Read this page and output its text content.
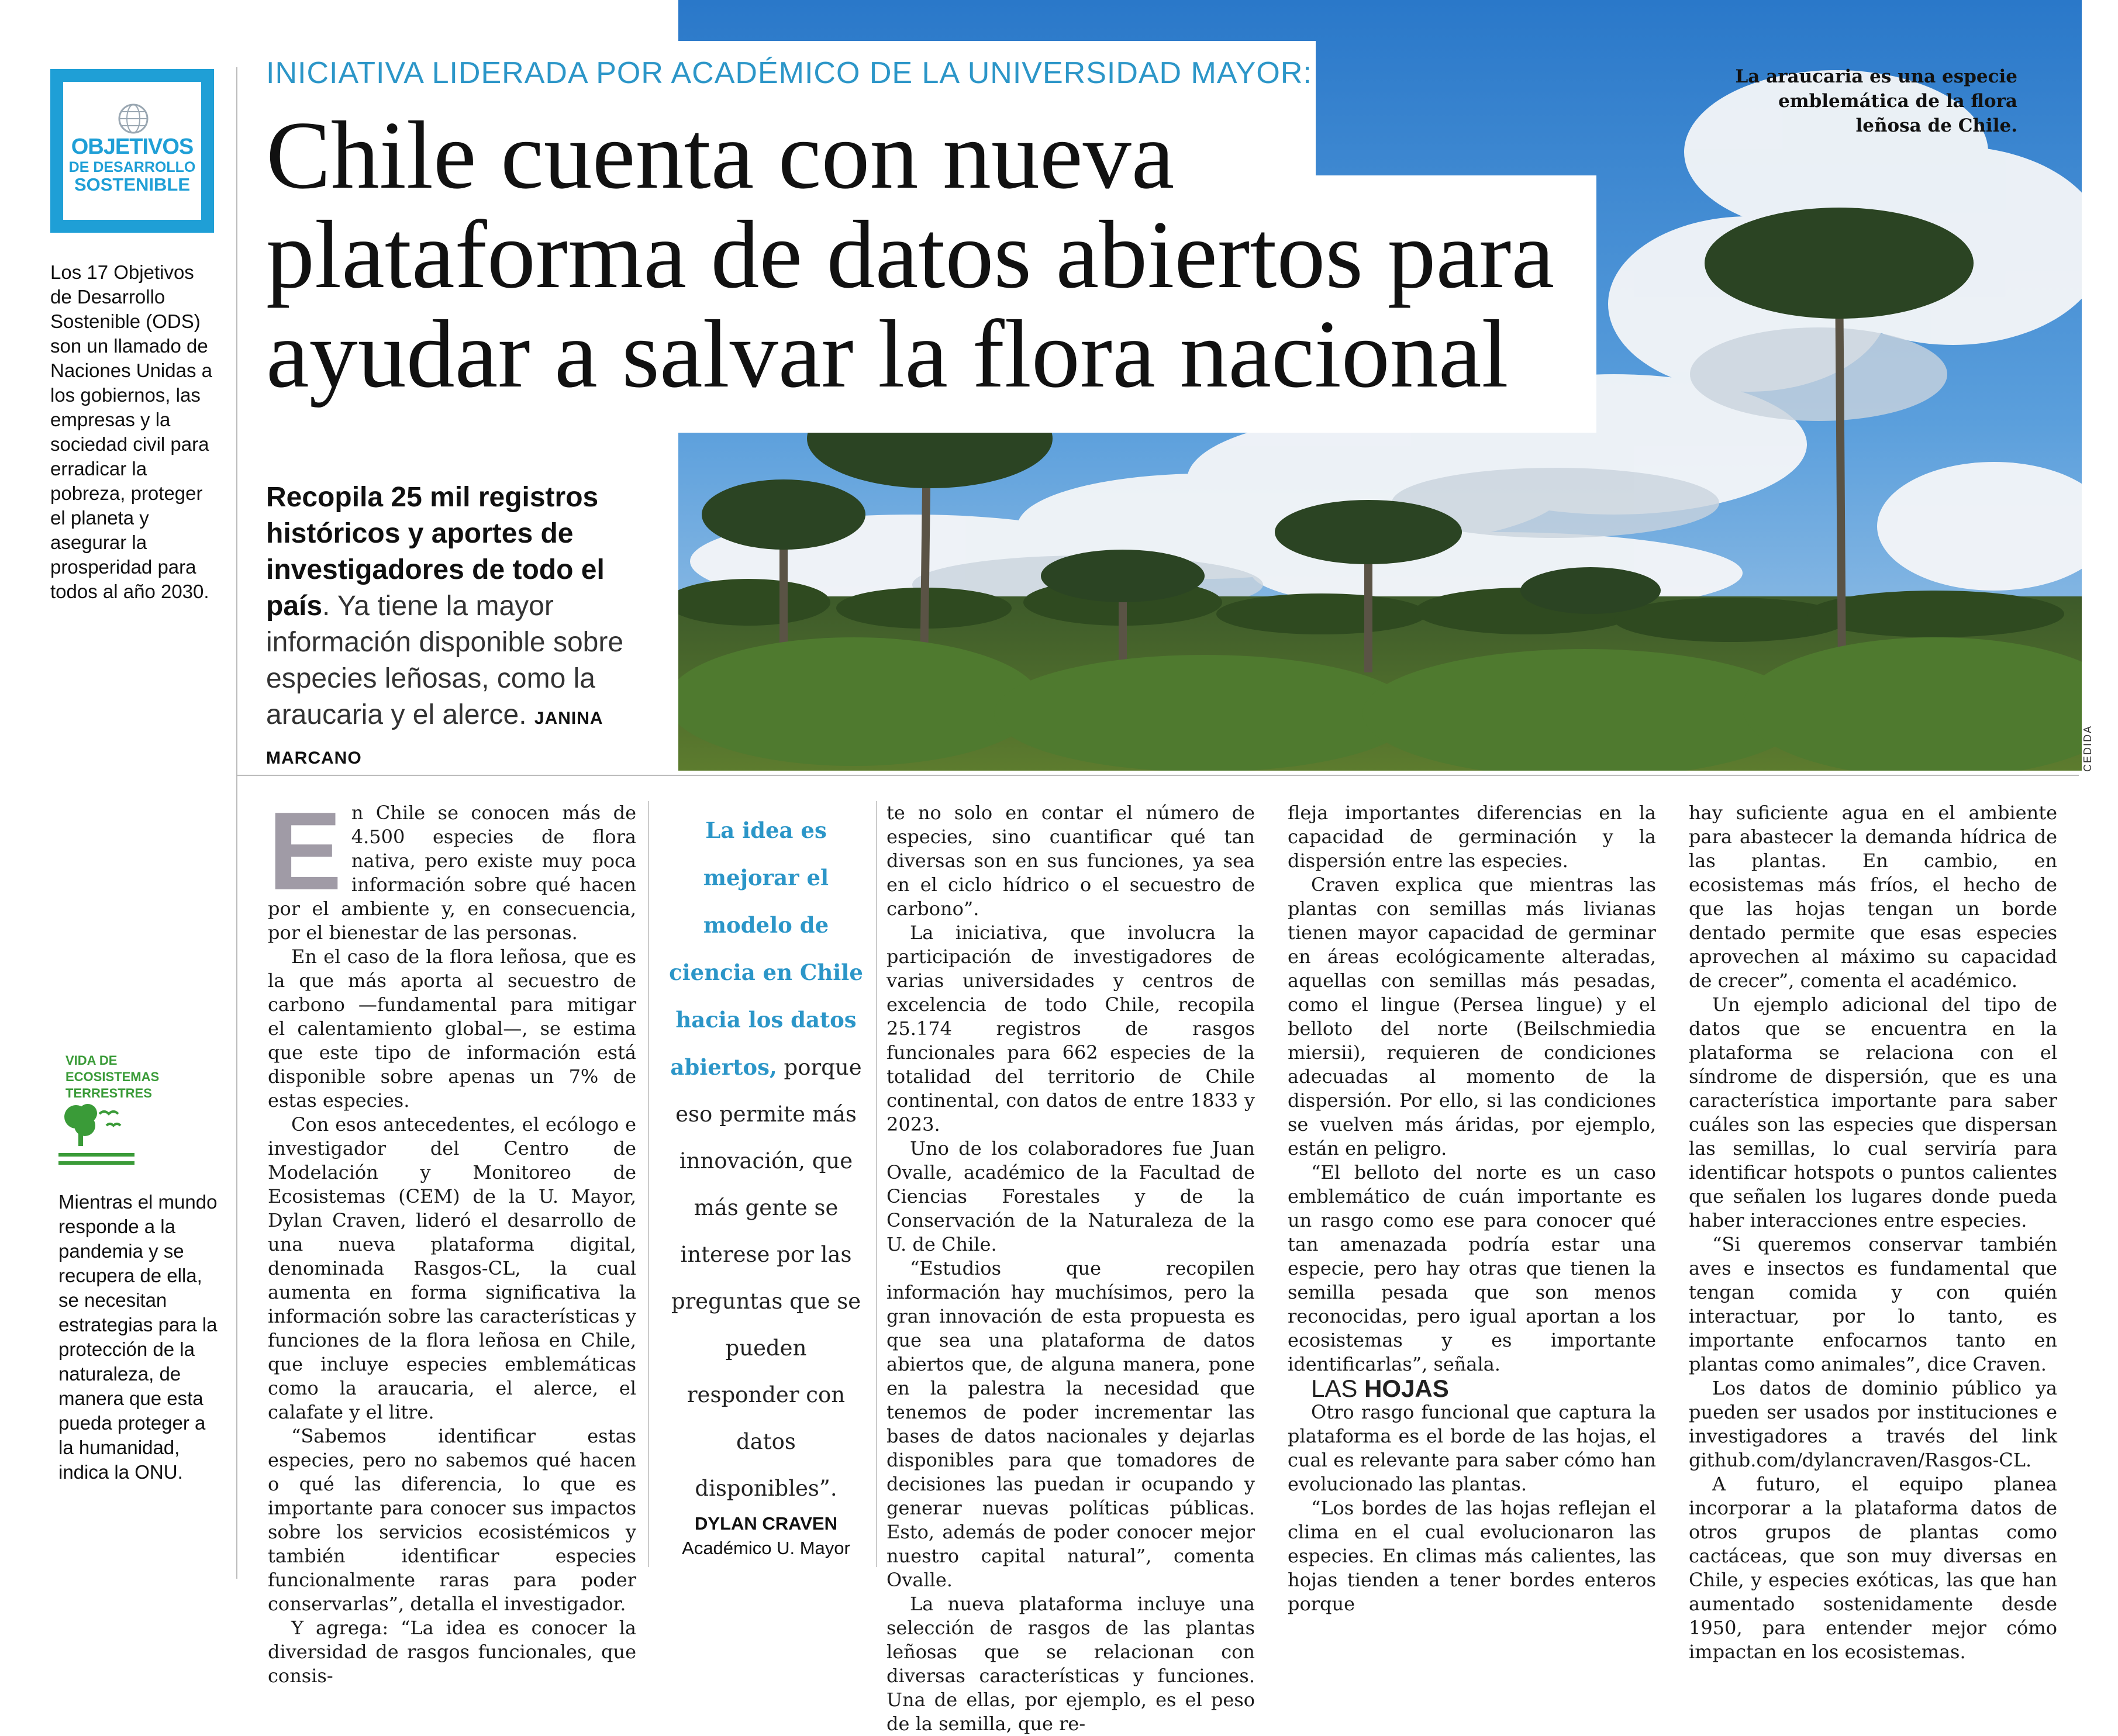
INICIATIVA LIDERADA POR ACADÉMICO DE LA UNIVERSIDAD MAYOR:
Chile cuenta con nueva
plataforma de datos abiertos para
ayudar a salvar la flora nacional
La araucaria es una especie emblemática de la flora leñosa de Chile.
CEDIDA
OBJETIVOS
DE DESARROLLO
SOSTENIBLE
Los 17 Objetivos de Desarrollo Sostenible (ODS) son un llamado de Naciones Unidas a los gobiernos, las empresas y la sociedad civil para erradicar la pobreza, proteger el planeta y asegurar la prosperidad para todos al año 2030.
VIDA DE ECOSISTEMAS TERRESTRES
Mientras el mundo responde a la pandemia y se recupera de ella, se necesitan estrategias para la protección de la naturaleza, de manera que esta pueda proteger a la humanidad, indica la ONU.
Recopila 25 mil registros históricos y aportes de investigadores de todo el país. Ya tiene la mayor información disponible sobre especies leñosas, como la araucaria y el alerce. JANINA MARCANO

En Chile se conocen más de 4.500 especies de flora nativa, pero existe muy poca información sobre qué hacen por el ambiente y, en consecuencia, por el bienestar de las personas.

En el caso de la flora leñosa, que es la que más aporta al secuestro de carbono —fundamental para mitigar el calentamiento global—, se estima que este tipo de información está disponible sobre apenas un 7% de estas especies.

Con esos antecedentes, el ecólogo e investigador del Centro de Modelación y Monitoreo de Ecosistemas (CEM) de la U. Mayor, Dylan Craven, lideró el desarrollo de una nueva plataforma digital, denominada Rasgos-CL, la cual aumenta en forma significativa la información sobre las características y funciones de la flora leñosa en Chile, que incluye especies emblemáticas como la araucaria, el alerce, el calafate y el litre.

“Sabemos identificar estas especies, pero no sabemos qué hacen o qué las diferencia, lo que es importante para conocer sus impactos sobre los servicios ecosistémicos y también identificar especies funcionalmente raras para poder conservarlas”, detalla el investigador.

Y agrega: “La idea es conocer la diversidad de rasgos funcionales, que consis-

La idea es mejorar el modelo de ciencia en Chile hacia los datos abiertos, porque eso permite más innovación, que más gente se interese por las preguntas que se pueden responder con datos disponibles”.
DYLAN CRAVEN
Académico U. Mayor

te no solo en contar el número de especies, sino cuantificar qué tan diversas son en sus funciones, ya sea en el ciclo hídrico o el secuestro de carbono”.

La iniciativa, que involucra la participación de investigadores de varias universidades y centros de excelencia de todo Chile, recopila 25.174 registros de rasgos funcionales para 662 especies de la totalidad del territorio de Chile continental, con datos de entre 1833 y 2023.

Uno de los colaboradores fue Juan Ovalle, académico de la Facultad de Ciencias Forestales y de la Conservación de la Naturaleza de la U. de Chile.

“Estudios que recopilen información hay muchísimos, pero la gran innovación de esta propuesta es que sea una plataforma de datos abiertos que, de alguna manera, pone en la palestra la necesidad que tenemos de poder incrementar las bases de datos nacionales y dejarlas disponibles para que tomadores de decisiones las puedan ir ocupando y generar nuevas políticas públicas. Esto, además de poder conocer mejor nuestro capital natural”, comenta Ovalle.

La nueva plataforma incluye una selección de rasgos de las plantas leñosas que se relacionan con diversas características y funciones. Una de ellas, por ejemplo, es el peso de la semilla, que re-

fleja importantes diferencias en la capacidad de germinación y la dispersión entre las especies.

Craven explica que mientras las plantas con semillas más livianas tienen mayor capacidad de germinar en áreas ecológicamente alteradas, aquellas con semillas más pesadas, como el lingue (Persea lingue) y el belloto del norte (Beilschmiedia miersii), requieren de condiciones adecuadas al momento de la dispersión. Por ello, si las condiciones se vuelven más áridas, por ejemplo, están en peligro.

“El belloto del norte es un caso emblemático de cuán importante es un rasgo como ese para conocer qué tan amenazada podría estar una especie, pero hay otras que tienen la semilla pesada que son menos reconocidas, pero igual aportan a los ecosistemas y es importante identificarlas”, señala.

LAS HOJAS

Otro rasgo funcional que captura la plataforma es el borde de las hojas, el cual es relevante para saber cómo han evolucionado las plantas.

“Los bordes de las hojas reflejan el clima en el cual evolucionaron las especies. En climas más calientes, las hojas tienden a tener bordes enteros porque

hay suficiente agua en el ambiente para abastecer la demanda hídrica de las plantas. En cambio, en ecosistemas más fríos, el hecho de que las hojas tengan un borde dentado permite que esas especies aprovechen al máximo su capacidad de crecer”, comenta el académico.

Un ejemplo adicional del tipo de datos que se encuentra en la plataforma se relaciona con el síndrome de dispersión, que es una característica importante para saber cuáles son las especies que dispersan las semillas, lo cual serviría para identificar hotspots o puntos calientes que señalen los lugares donde pueda haber interacciones entre especies.

“Si queremos conservar también aves e insectos es fundamental que tengan comida y con quién interactuar, por lo tanto, es importante enfocarnos tanto en plantas como animales”, dice Craven.

Los datos de dominio público ya pueden ser usados por instituciones e investigadores a través del link github.com/dylancraven/Rasgos-CL.

A futuro, el equipo planea incorporar a la plataforma datos de otros grupos de plantas como cactáceas, que son muy diversas en Chile, y especies exóticas, las que han aumentado sostenidamente desde 1950, para entender mejor cómo impactan en los ecosistemas.
